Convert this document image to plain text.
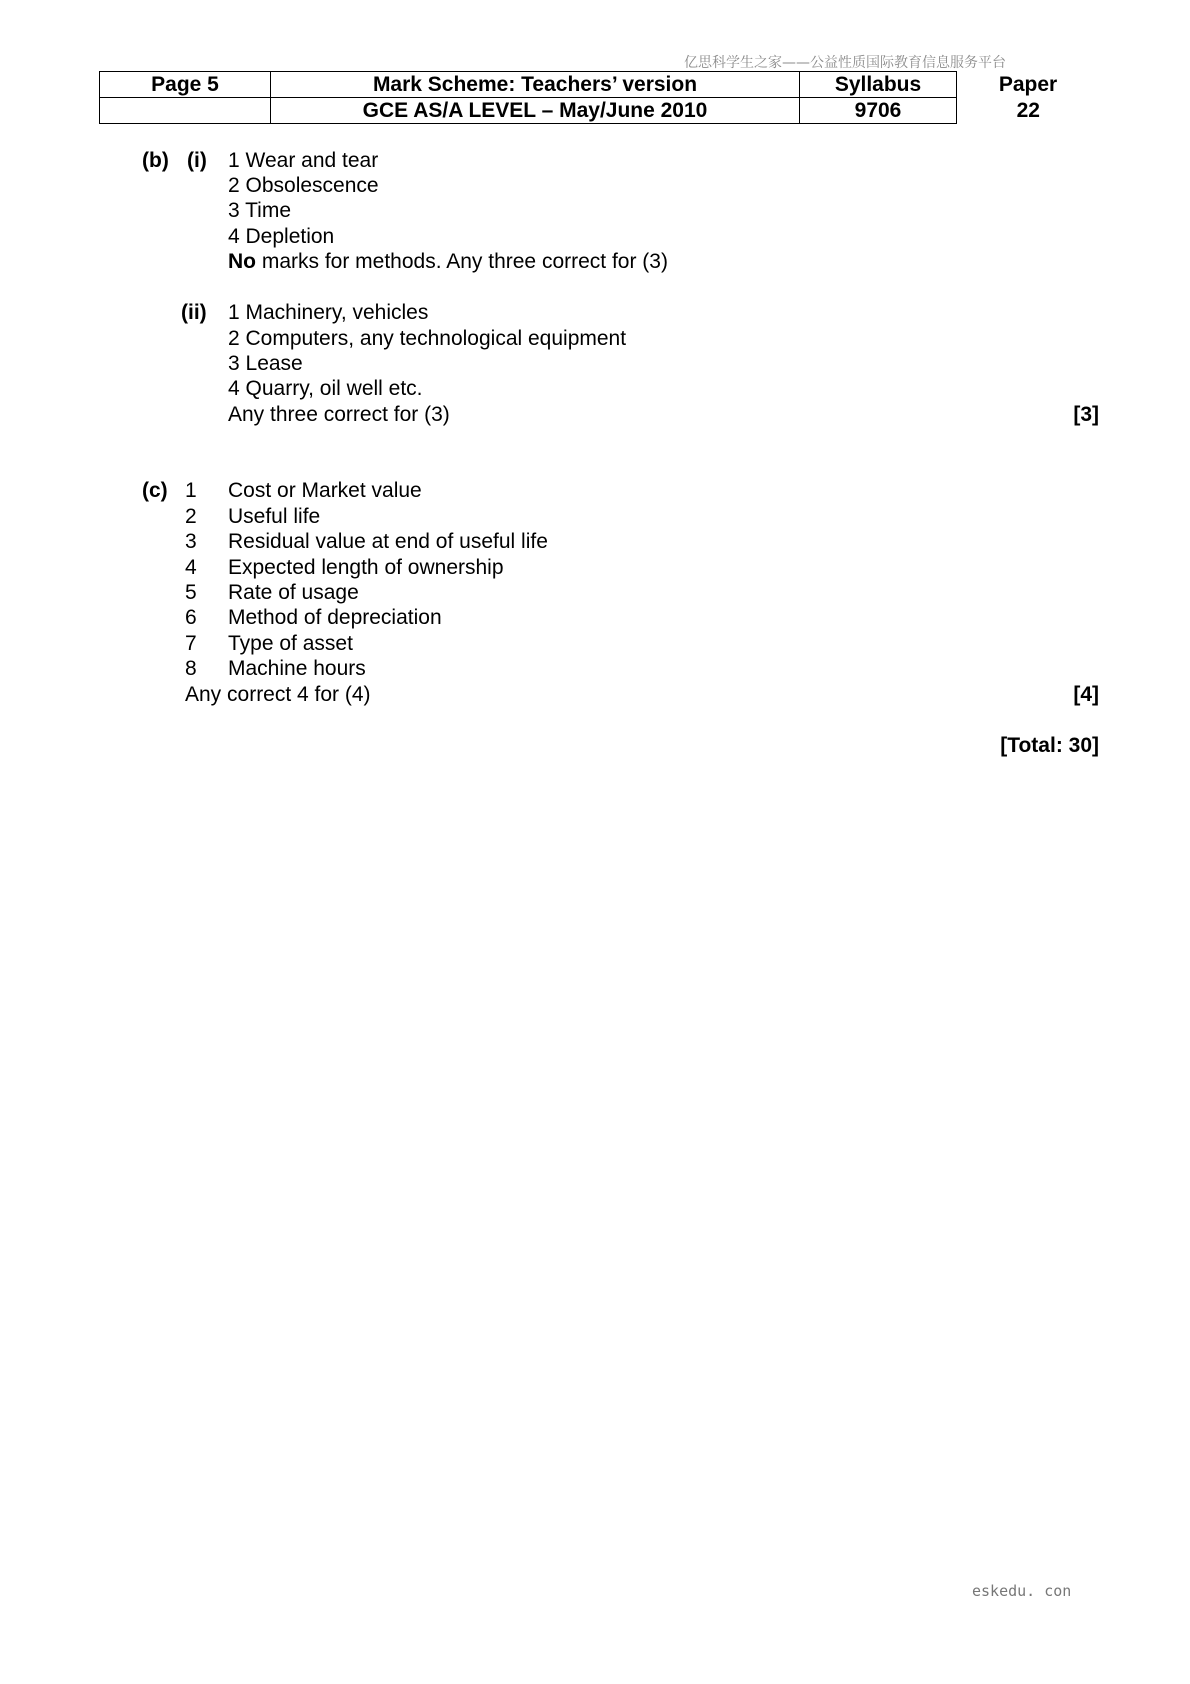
亿思科学生之家——公益性质国际教育信息服务平台
Page 5	Mark Scheme: Teachers’ version	Syllabus	Paper
	GCE AS/A LEVEL – May/June 2010	9706	22
(b) (i) 1 Wear and tear
2 Obsolescence
3 Time
4 Depletion
No marks for methods. Any three correct for (3)
(ii) 1 Machinery, vehicles
2 Computers, any technological equipment
3 Lease
4 Quarry, oil well etc.
Any three correct for (3)	[3]
(c) 1 Cost or Market value
2 Useful life
3 Residual value at end of useful life
4 Expected length of ownership
5 Rate of usage
6 Method of depreciation
7 Type of asset
8 Machine hours
Any correct 4 for (4)	[4]
[Total: 30]
eskedu. con
